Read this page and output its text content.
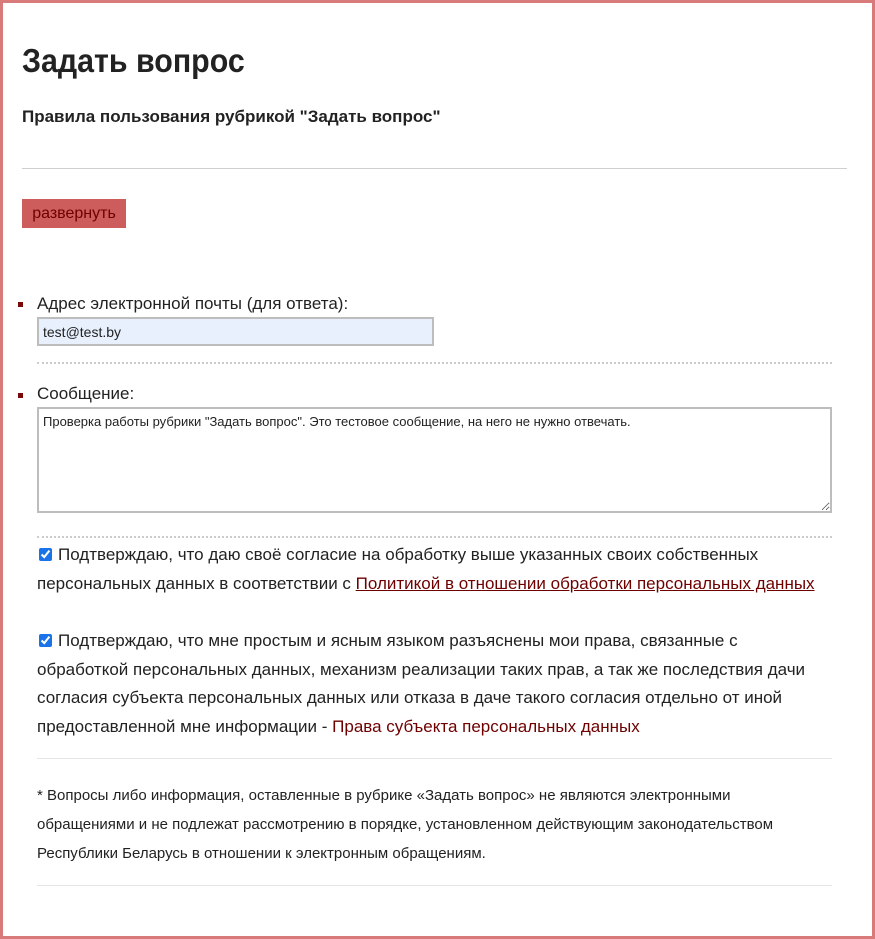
Задать вопрос
Правила пользования рубрикой "Задать вопрос"
развернуть
Адрес электронной почты (для ответа):
test@test.by
Сообщение:
Проверка работы рубрики "Задать вопрос". Это тестовое сообщение, на него не нужно отвечать.
Подтверждаю, что даю своё согласие на обработку выше указанных своих собственных персональных данных в соответствии с Политикой в отношении обработки персональных данных
Подтверждаю, что мне простым и ясным языком разъяснены мои права, связанные с обработкой персональных данных, механизм реализации таких прав, а так же последствия дачи согласия субъекта персональных данных или отказа в даче такого согласия отдельно от иной предоставленной мне информации - Права субъекта персональных данных

* Вопросы либо информация, оставленные в рубрике «Задать вопрос» не являются электронными обращениями и не подлежат рассмотрению в порядке, установленном действующим законодательством Республики Беларусь в отношении к электронным обращениям.
